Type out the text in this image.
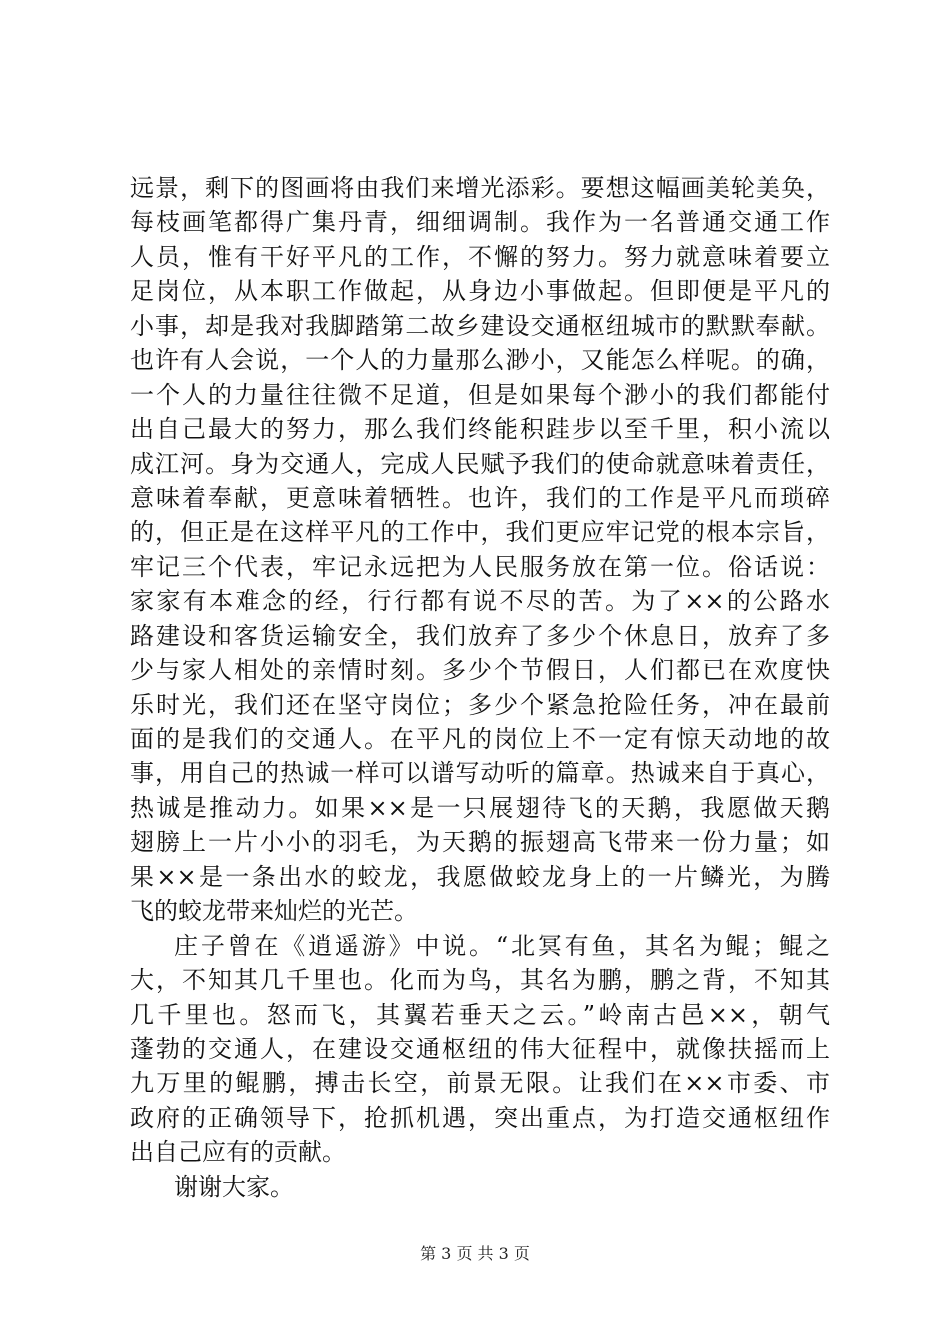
远景，剩下的图画将由我们来增光添彩。要想这幅画美轮美奂，
每枝画笔都得广集丹青，细细调制。我作为一名普通交通工作
人员，惟有干好平凡的工作，不懈的努力。努力就意味着要立
足岗位，从本职工作做起，从身边小事做起。但即便是平凡的
小事，却是我对我脚踏第二故乡建设交通枢纽城市的默默奉献。
也许有人会说，一个人的力量那么渺小，又能怎么样呢。的确，
一个人的力量往往微不足道，但是如果每个渺小的我们都能付
出自己最大的努力，那么我们终能积跬步以至千里，积小流以
成江河。身为交通人，完成人民赋予我们的使命就意味着责任，
意味着奉献，更意味着牺牲。也许，我们的工作是平凡而琐碎
的，但正是在这样平凡的工作中，我们更应牢记党的根本宗旨，
牢记三个代表，牢记永远把为人民服务放在第一位。俗话说：
家家有本难念的经，行行都有说不尽的苦。为了××的公路水
路建设和客货运输安全，我们放弃了多少个休息日，放弃了多
少与家人相处的亲情时刻。多少个节假日，人们都已在欢度快
乐时光，我们还在坚守岗位；多少个紧急抢险任务，冲在最前
面的是我们的交通人。在平凡的岗位上不一定有惊天动地的故
事，用自己的热诚一样可以谱写动听的篇章。热诚来自于真心，
热诚是推动力。如果××是一只展翅待飞的天鹅，我愿做天鹅
翅膀上一片小小的羽毛，为天鹅的振翅高飞带来一份力量；如
果××是一条出水的蛟龙，我愿做蛟龙身上的一片鳞光，为腾
飞的蛟龙带来灿烂的光芒。
庄子曾在《逍遥游》中说。“北冥有鱼，其名为鲲；鲲之
大，不知其几千里也。化而为鸟，其名为鹏，鹏之背，不知其
几千里也。怒而飞，其翼若垂天之云。”岭南古邑××，朝气
蓬勃的交通人，在建设交通枢纽的伟大征程中，就像扶摇而上
九万里的鲲鹏，搏击长空，前景无限。让我们在××市委、市
政府的正确领导下，抢抓机遇，突出重点，为打造交通枢纽作
出自己应有的贡献。
谢谢大家。
第 3 页 共 3 页
